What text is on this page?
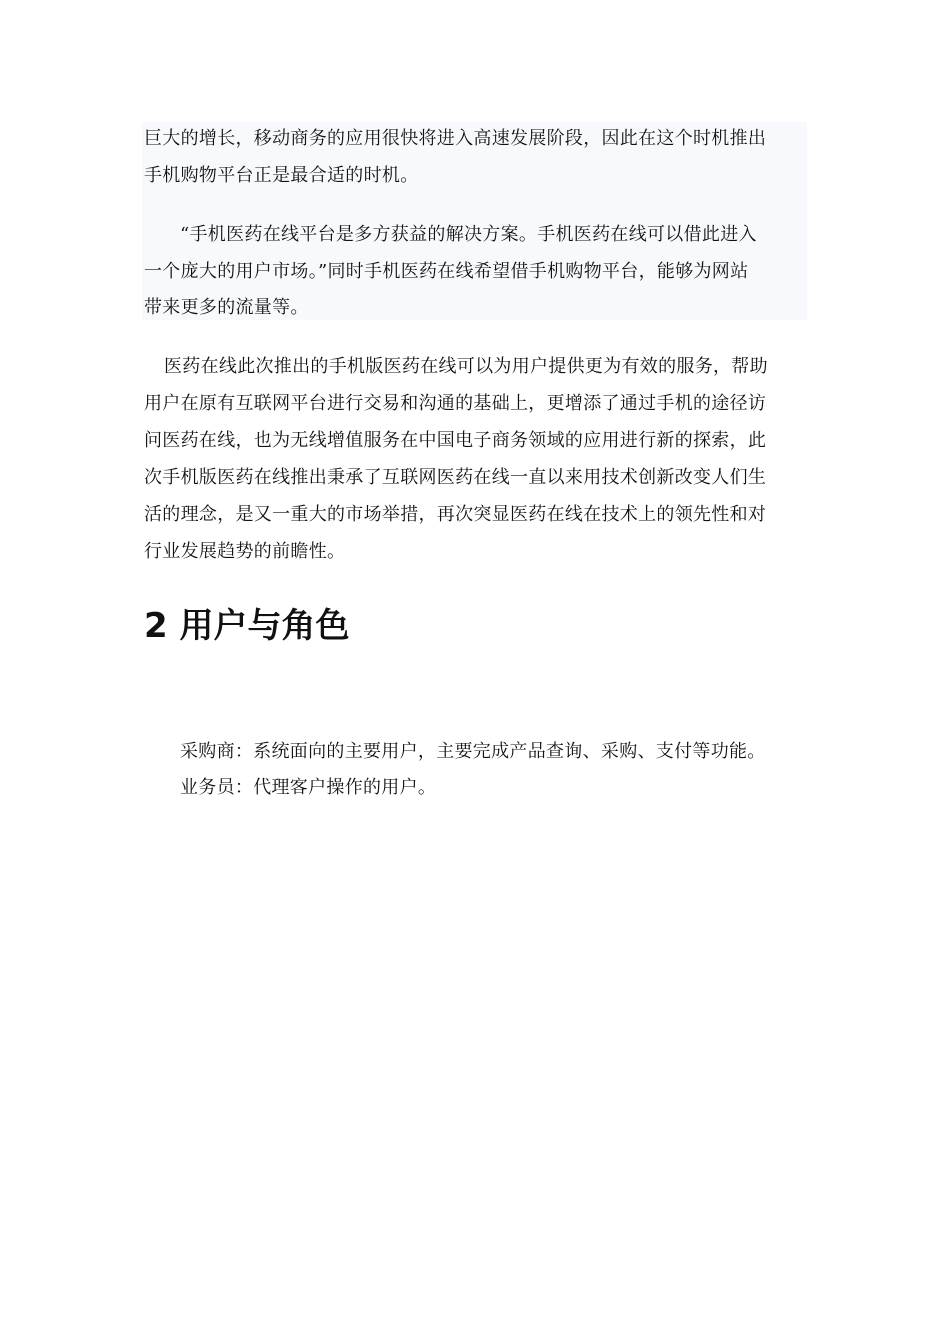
巨大的增长，移动商务的应用很快将进入高速发展阶段，因此在这个时机推出
手机购物平台正是最合适的时机。
“手机医药在线平台是多方获益的解决方案。手机医药在线可以借此进入
一个庞大的用户市场。”同时手机医药在线希望借手机购物平台，能够为网站
带来更多的流量等。
医药在线此次推出的手机版医药在线可以为用户提供更为有效的服务，帮助
用户在原有互联网平台进行交易和沟通的基础上，更增添了通过手机的途径访
问医药在线，也为无线增值服务在中国电子商务领域的应用进行新的探索，此
次手机版医药在线推出秉承了互联网医药在线一直以来用技术创新改变人们生
活的理念，是又一重大的市场举措，再次突显医药在线在技术上的领先性和对
行业发展趋势的前瞻性。
2 用户与角色
采购商：系统面向的主要用户，主要完成产品查询、采购、支付等功能。
业务员：代理客户操作的用户。
